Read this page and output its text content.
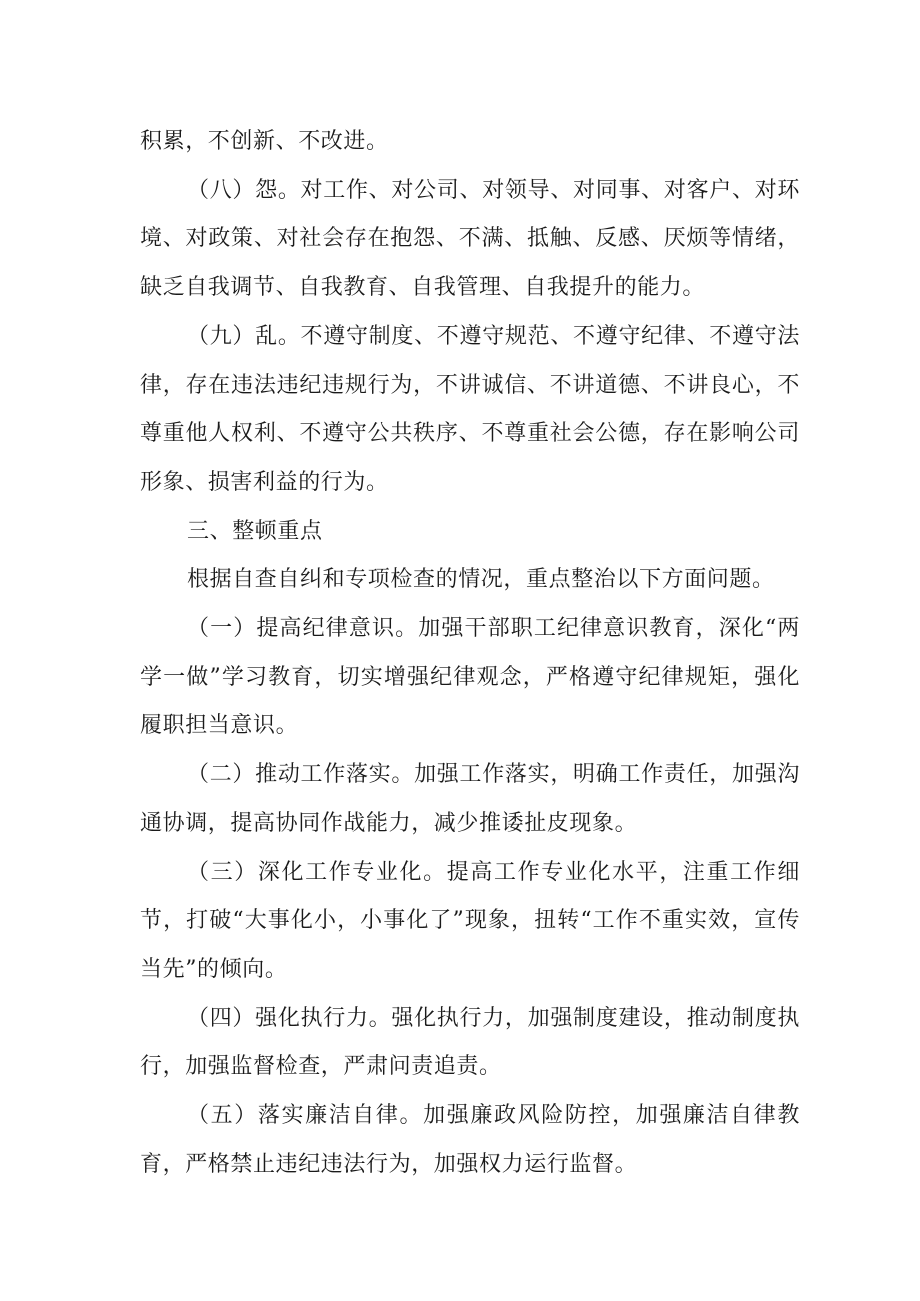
积累，不创新、不改进。

（八）怨。对工作、对公司、对领导、对同事、对客户、对环境、对政策、对社会存在抱怨、不满、抵触、反感、厌烦等情绪，缺乏自我调节、自我教育、自我管理、自我提升的能力。

（九）乱。不遵守制度、不遵守规范、不遵守纪律、不遵守法律，存在违法违纪违规行为，不讲诚信、不讲道德、不讲良心，不尊重他人权利、不遵守公共秩序、不尊重社会公德，存在影响公司形象、损害利益的行为。

三、整顿重点

根据自查自纠和专项检查的情况，重点整治以下方面问题。

（一）提高纪律意识。加强干部职工纪律意识教育，深化“两学一做”学习教育，切实增强纪律观念，严格遵守纪律规矩，强化履职担当意识。

（二）推动工作落实。加强工作落实，明确工作责任，加强沟通协调，提高协同作战能力，减少推诿扯皮现象。

（三）深化工作专业化。提高工作专业化水平，注重工作细节，打破“大事化小，小事化了”现象，扭转“工作不重实效，宣传当先”的倾向。

（四）强化执行力。强化执行力，加强制度建设，推动制度执行，加强监督检查，严肃问责追责。

（五）落实廉洁自律。加强廉政风险防控，加强廉洁自律教育，严格禁止违纪违法行为，加强权力运行监督。
